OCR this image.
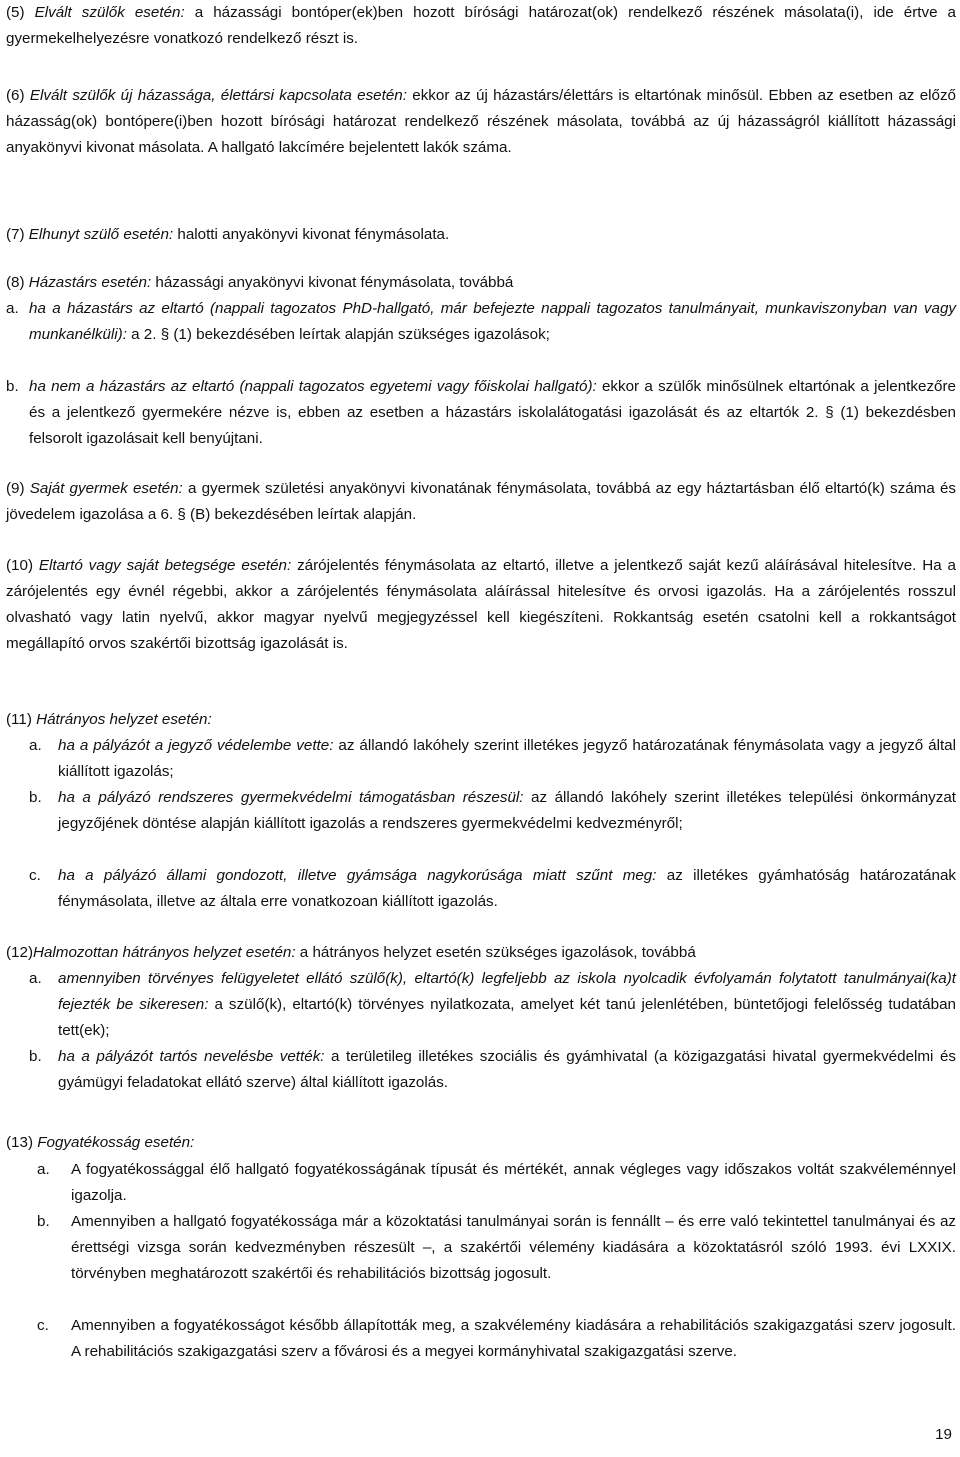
(5) Elvált szülők esetén: a házassági bontóper(ek)ben hozott bírósági határozat(ok) rendelkező részének másolata(i), ide értve a gyermekelhelyezésre vonatkozó rendelkező részt is.

(6) Elvált szülők új házassága, élettársi kapcsolata esetén: ekkor az új házastárs/élettárs is eltartónak minősül. Ebben az esetben az előző házasság(ok) bontópere(i)ben hozott bírósági határozat rendelkező részének másolata, továbbá az új házasságról kiállított házassági anyakönyvi kivonat másolata. A hallgató lakcímére bejelentett lakók száma.

(7) Elhunyt szülő esetén: halotti anyakönyvi kivonat fénymásolata.

(8) Házastárs esetén: házassági anyakönyvi kivonat fénymásolata, továbbá

a. ha a házastárs az eltartó (nappali tagozatos PhD-hallgató, már befejezte nappali tagozatos tanulmányait, munkaviszonyban van vagy munkanélküli): a 2. § (1) bekezdésében leírtak alapján szükséges igazolások;

b. ha nem a házastárs az eltartó (nappali tagozatos egyetemi vagy főiskolai hallgató): ekkor a szülők minősülnek eltartónak a jelentkezőre és a jelentkező gyermekére nézve is, ebben az esetben a házastárs iskolalátogatási igazolását és az eltartók 2. § (1) bekezdésben felsorolt igazolásait kell benyújtani.

(9) Saját gyermek esetén: a gyermek születési anyakönyvi kivonatának fénymásolata, továbbá az egy háztartásban élő eltartó(k) száma és jövedelem igazolása a 6. § (B) bekezdésében leírtak alapján.

(10) Eltartó vagy saját betegsége esetén: zárójelentés fénymásolata az eltartó, illetve a jelentkező saját kezű aláírásával hitelesítve. Ha a zárójelentés egy évnél régebbi, akkor a zárójelentés fénymásolata aláírással hitelesítve és orvosi igazolás. Ha a zárójelentés rosszul olvasható vagy latin nyelvű, akkor magyar nyelvű megjegyzéssel kell kiegészíteni. Rokkantság esetén csatolni kell a rokkantságot megállapító orvos szakértői bizottság igazolását is.

(11) Hátrányos helyzet esetén:

a. ha a pályázót a jegyző védelembe vette: az állandó lakóhely szerint illetékes jegyző határozatának fénymásolata vagy a jegyző által kiállított igazolás;

b. ha a pályázó rendszeres gyermekvédelmi támogatásban részesül: az állandó lakóhely szerint illetékes települési önkormányzat jegyzőjének döntése alapján kiállított igazolás a rendszeres gyermekvédelmi kedvezményről;

c. ha a pályázó állami gondozott, illetve gyámsága nagykorúsága miatt szűnt meg: az illetékes gyámhatóság határozatának fénymásolata, illetve az általa erre vonatkozoan kiállított igazolás.

(12)Halmozottan hátrányos helyzet esetén: a hátrányos helyzet esetén szükséges igazolások, továbbá

a. amennyiben törvényes felügyeletet ellátó szülő(k), eltartó(k) legfeljebb az iskola nyolcadik évfolyamán folytatott tanulmányai(ka)t fejezték be sikeresen: a szülő(k), eltartó(k) törvényes nyilatkozata, amelyet két tanú jelenlétében, büntetőjogi felelősség tudatában tett(ek);

b. ha a pályázót tartós nevelésbe vették: a területileg illetékes szociális és gyámhivatal (a közigazgatási hivatal gyermekvédelmi és gyámügyi feladatokat ellátó szerve) által kiállított igazolás.

(13) Fogyatékosság esetén:

a. A fogyatékossággal élő hallgató fogyatékosságának típusát és mértékét, annak végleges vagy időszakos voltát szakvéleménnyel igazolja.

b. Amennyiben a hallgató fogyatékossága már a közoktatási tanulmányai során is fennállt – és erre való tekintettel tanulmányai és az érettségi vizsga során kedvezményben részesült –, a szakértői vélemény kiadására a közoktatásról szóló 1993. évi LXXIX. törvényben meghatározott szakértői és rehabilitációs bizottság jogosult.

c. Amennyiben a fogyatékosságot később állapították meg, a szakvélemény kiadására a rehabilitációs szakigazgatási szerv jogosult. A rehabilitációs szakigazgatási szerv a fővárosi és a megyei kormányhivatal szakigazgatási szerve.

19
